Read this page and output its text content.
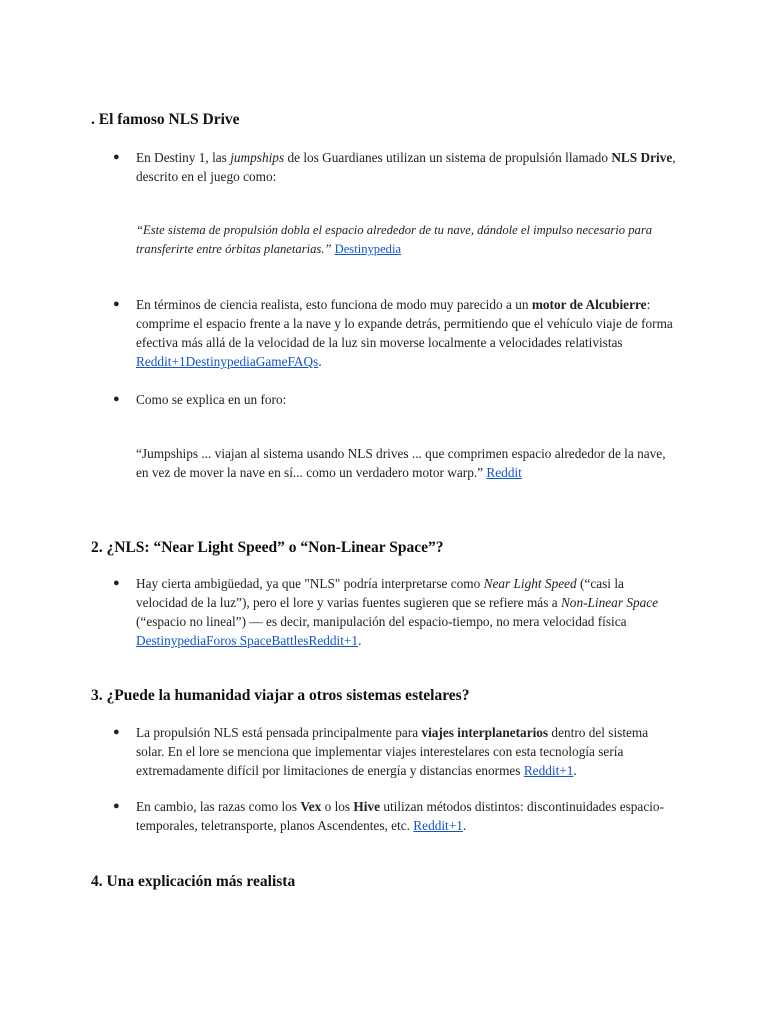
. El famoso NLS Drive
● En Destiny 1, las jumpships de los Guardianes utilizan un sistema de propulsión llamado NLS Drive, descrito en el juego como:

“Este sistema de propulsión dobla el espacio alrededor de tu nave, dándole el impulso necesario para transferirte entre órbitas planetarias.” Destinypedia

● En términos de ciencia realista, esto funciona de modo muy parecido a un motor de Alcubierre: comprime el espacio frente a la nave y lo expande detrás, permitiendo que el vehículo viaje de forma efectiva más allá de la velocidad de la luz sin moverse localmente a velocidades relativistas Reddit+1DestinypediaGameFAQs.

● Como se explica en un foro:

“Jumpships ... viajan al sistema usando NLS drives ... que comprimen espacio alrededor de la nave, en vez de mover la nave en sí... como un verdadero motor warp.” Reddit

2. ¿NLS: “Near Light Speed” o “Non-Linear Space”?
● Hay cierta ambigüedad, ya que "NLS" podría interpretarse como Near Light Speed (“casi la velocidad de la luz”), pero el lore y varias fuentes sugieren que se refiere más a Non-Linear Space (“espacio no lineal”) — es decir, manipulación del espacio-tiempo, no mera velocidad física DestinypediaForos SpaceBattlesReddit+1.

3. ¿Puede la humanidad viajar a otros sistemas estelares?
● La propulsión NLS está pensada principalmente para viajes interplanetarios dentro del sistema solar. En el lore se menciona que implementar viajes interestelares con esta tecnología sería extremadamente difícil por limitaciones de energía y distancias enormes Reddit+1.

● En cambio, las razas como los Vex o los Hive utilizan métodos distintos: discontinuidades espacio-temporales, teletransporte, planos Ascendentes, etc. Reddit+1.

4. Una explicación más realista
